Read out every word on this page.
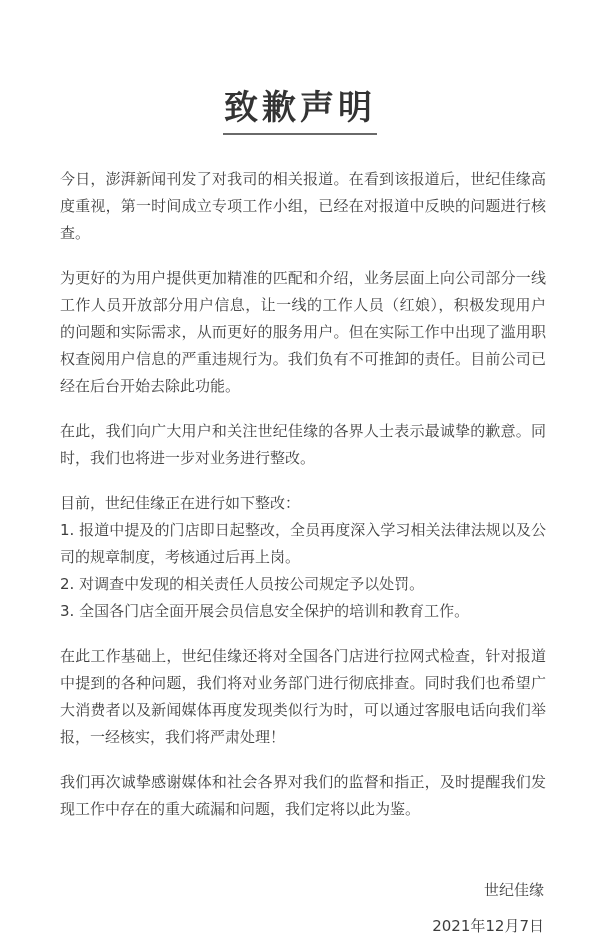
致歉声明

今日，澎湃新闻刊发了对我司的相关报道。在看到该报道后，世纪佳缘高度重视，第一时间成立专项工作小组，已经在对报道中反映的问题进行核查。

为更好的为用户提供更加精准的匹配和介绍，业务层面上向公司部分一线工作人员开放部分用户信息，让一线的工作人员（红娘），积极发现用户的问题和实际需求，从而更好的服务用户。但在实际工作中出现了滥用职权查阅用户信息的严重违规行为。我们负有不可推卸的责任。目前公司已经在后台开始去除此功能。

在此，我们向广大用户和关注世纪佳缘的各界人士表示最诚挚的歉意。同时，我们也将进一步对业务进行整改。

目前，世纪佳缘正在进行如下整改：

1. 报道中提及的门店即日起整改，全员再度深入学习相关法律法规以及公司的规章制度，考核通过后再上岗。

2. 对调查中发现的相关责任人员按公司规定予以处罚。

3. 全国各门店全面开展会员信息安全保护的培训和教育工作。

在此工作基础上，世纪佳缘还将对全国各门店进行拉网式检查，针对报道中提到的各种问题，我们将对业务部门进行彻底排查。同时我们也希望广大消费者以及新闻媒体再度发现类似行为时，可以通过客服电话向我们举报，一经核实，我们将严肃处理！

我们再次诚挚感谢媒体和社会各界对我们的监督和指正，及时提醒我们发现工作中存在的重大疏漏和问题，我们定将以此为鉴。

世纪佳缘
2021年12月7日
